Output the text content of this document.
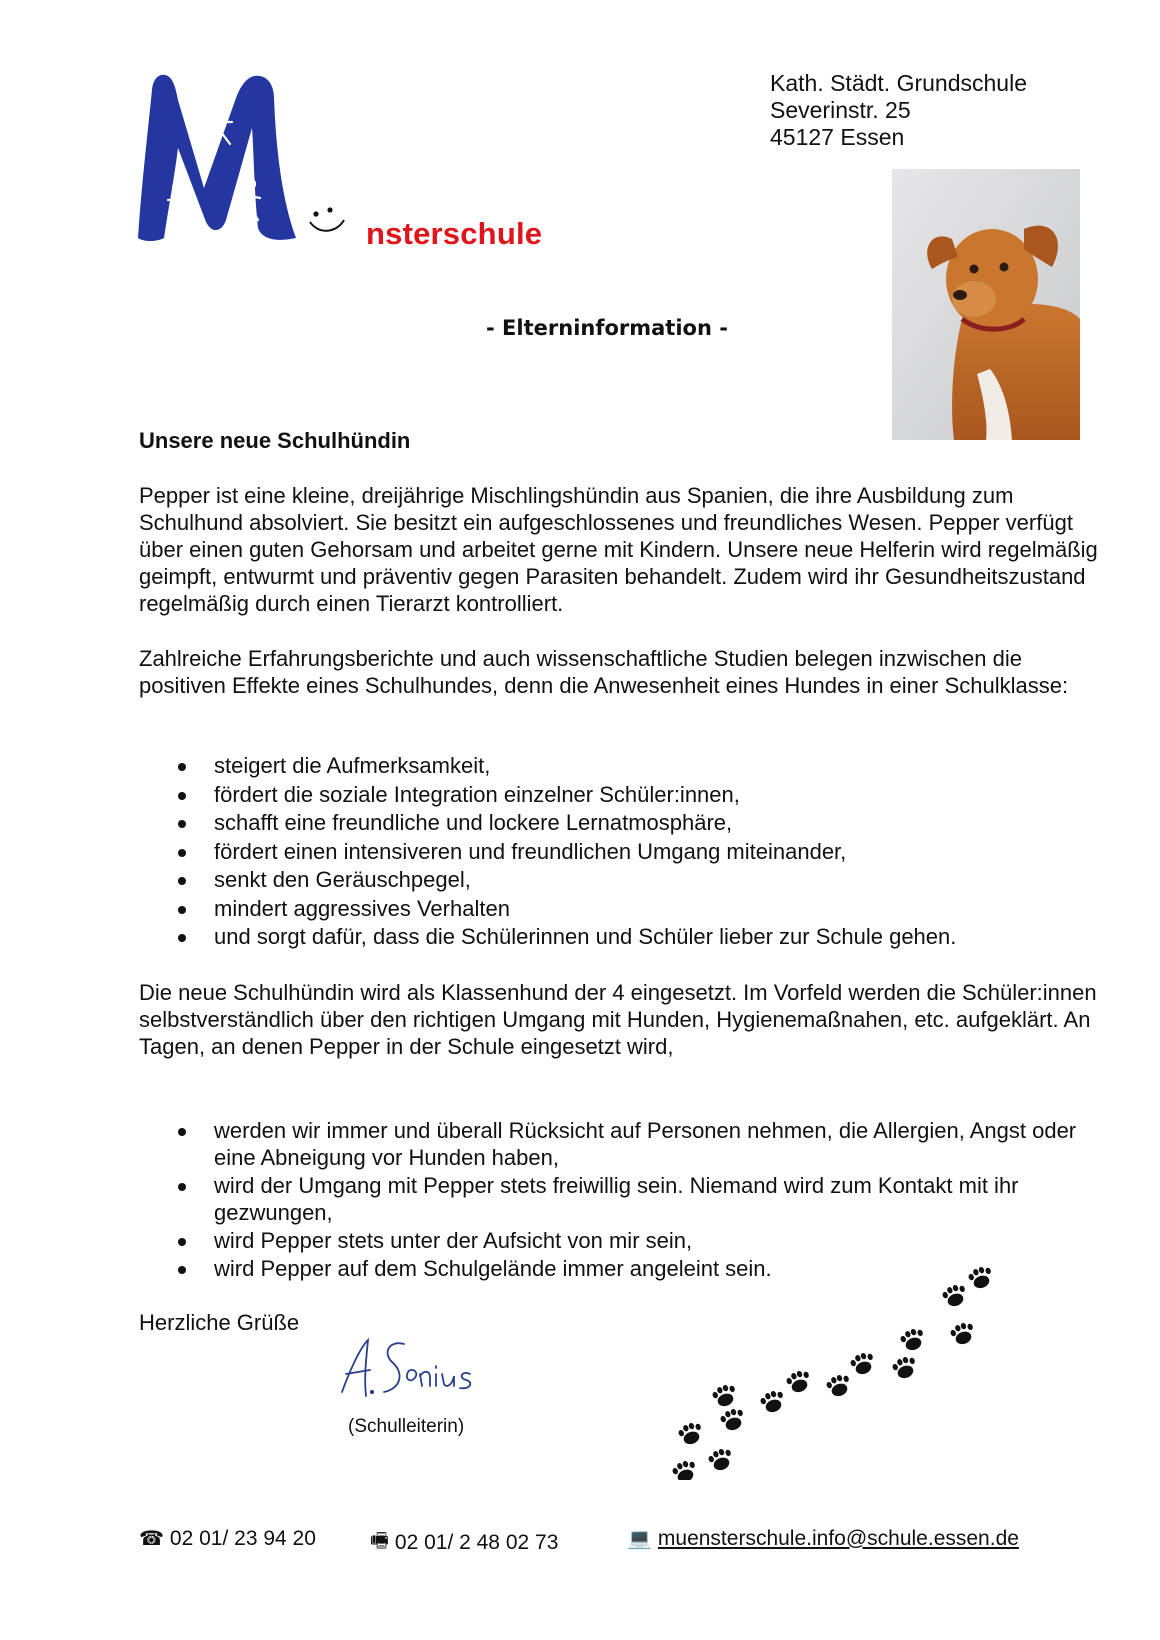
nsterschule
Kath. Städt. Grundschule
Severinstr. 25
45127 Essen
- Elterninformation -
Unsere neue Schulhündin
Pepper ist eine kleine, dreijährige Mischlingshündin aus Spanien, die ihre Ausbildung zum Schulhund absolviert. Sie besitzt ein aufgeschlossenes und freundliches Wesen. Pepper verfügt über einen guten Gehorsam und arbeitet gerne mit Kindern. Unsere neue Helferin wird regelmäßig geimpft, entwurmt und präventiv gegen Parasiten behandelt. Zudem wird ihr Gesundheitszustand regelmäßig durch einen Tierarzt kontrolliert.
Zahlreiche Erfahrungsberichte und auch wissenschaftliche Studien belegen inzwischen die positiven Effekte eines Schulhundes, denn die Anwesenheit eines Hundes in einer Schulklasse:
steigert die Aufmerksamkeit,
fördert die soziale Integration einzelner Schüler:innen,
schafft eine freundliche und lockere Lernatmosphäre,
fördert einen intensiveren und freundlichen Umgang miteinander,
senkt den Geräuschpegel,
mindert aggressives Verhalten
und sorgt dafür, dass die Schülerinnen und Schüler lieber zur Schule gehen.
Die neue Schulhündin wird als Klassenhund der 4 eingesetzt. Im Vorfeld werden die Schüler:innen selbstverständlich über den richtigen Umgang mit Hunden, Hygienemaßnahen, etc. aufgeklärt. An Tagen, an denen Pepper in der Schule eingesetzt wird,
werden wir immer und überall Rücksicht auf Personen nehmen, die Allergien, Angst oder eine Abneigung vor Hunden haben,
wird der Umgang mit Pepper stets freiwillig sein. Niemand wird zum Kontakt mit ihr gezwungen,
wird Pepper stets unter der Aufsicht von mir sein,
wird Pepper auf dem Schulgelände immer angeleint sein.
Herzliche Grüße
(Schulleiterin)
☎ 02 01/ 23 94 20	🖷 02 01/ 2 48 02 73	💻 muensterschule.info@schule.essen.de
